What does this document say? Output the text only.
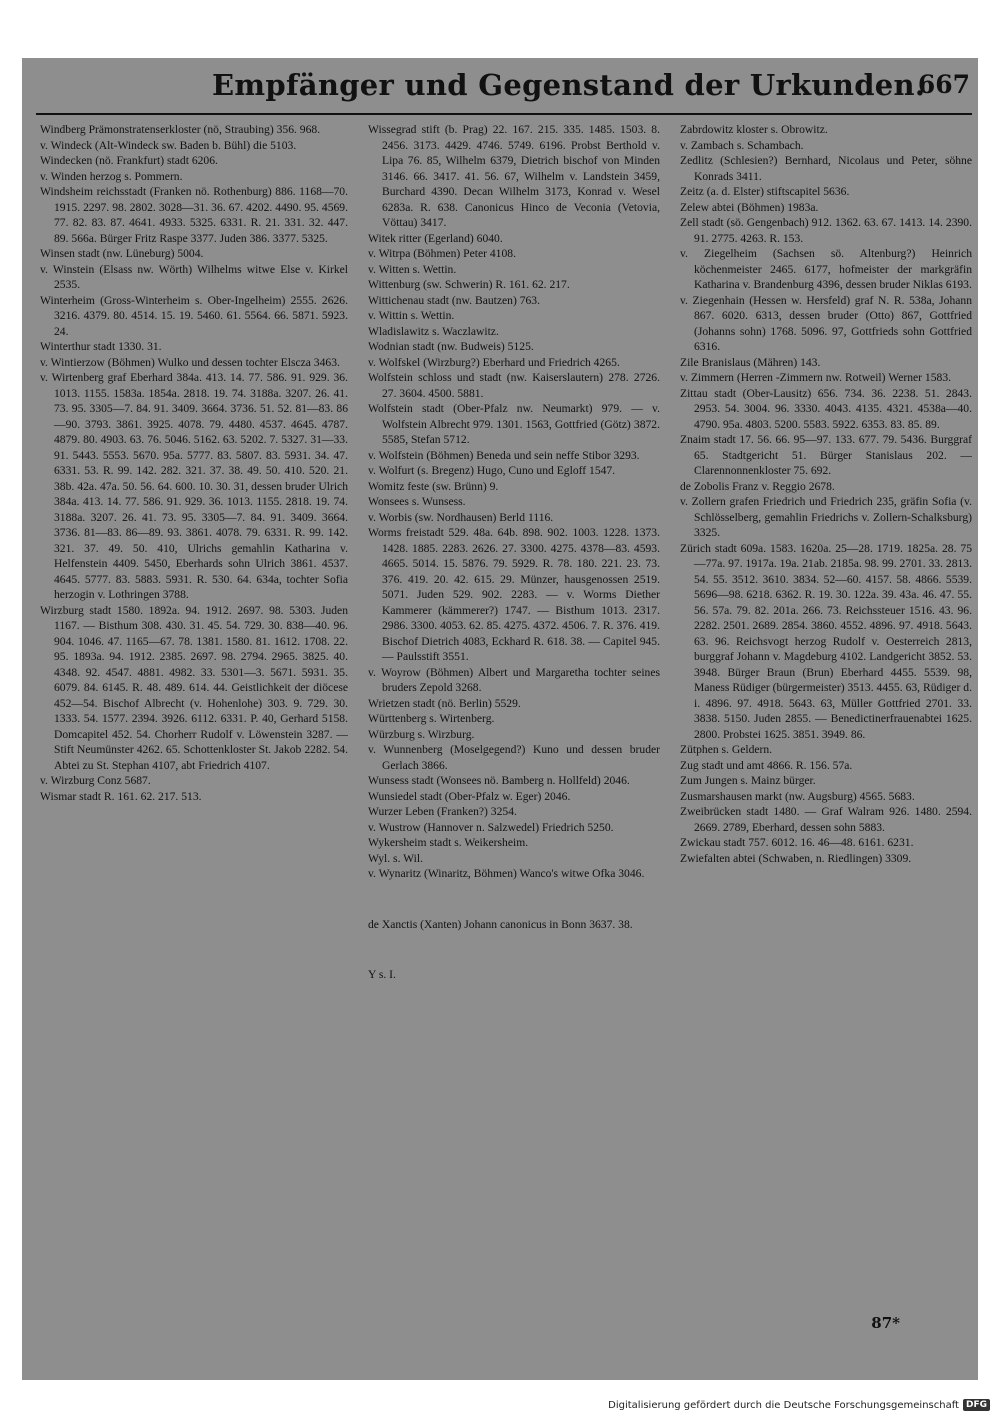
Empfänger und Gegenstand der Urkunden.
667

Windberg Prämonstratenserkloster (nö, Straubing) 356. 968.

v. Windeck (Alt-Windeck sw. Baden b. Bühl) die 5103.

Windecken (nö. Frankfurt) stadt 6206.

v. Winden herzog s. Pommern.

Windsheim reichsstadt (Franken nö. Rothenburg) 886. 1168—70. 1915. 2297. 98. 2802. 3028—31. 36. 67. 4202. 4490. 95. 4569. 77. 82. 83. 87. 4641. 4933. 5325. 6331. R. 21. 331. 32. 447. 89. 566a. Bürger Fritz Raspe 3377. Juden 386. 3377. 5325.

Winsen stadt (nw. Lüneburg) 5004.

v. Winstein (Elsass nw. Wörth) Wilhelms witwe Else v. Kirkel 2535.

Winterheim (Gross-Winterheim s. Ober-Ingelheim) 2555. 2626. 3216. 4379. 80. 4514. 15. 19. 5460. 61. 5564. 66. 5871. 5923. 24.

Winterthur stadt 1330. 31.

v. Wintierzow (Böhmen) Wulko und dessen tochter Elscza 3463.

v. Wirtenberg graf Eberhard 384a. 413. 14. 77. 586. 91. 929. 36. 1013. 1155. 1583a. 1854a. 2818. 19. 74. 3188a. 3207. 26. 41. 73. 95. 3305—7. 84. 91. 3409. 3664. 3736. 51. 52. 81—83. 86—90. 3793. 3861. 3925. 4078. 79. 4480. 4537. 4645. 4787. 4879. 80. 4903. 63. 76. 5046. 5162. 63. 5202. 7. 5327. 31—33. 91. 5443. 5553. 5670. 95a. 5777. 83. 5807. 83. 5931. 34. 47. 6331. 53. R. 99. 142. 282. 321. 37. 38. 49. 50. 410. 520. 21. 38b. 42a. 47a. 50. 56. 64. 600. 10. 30. 31, dessen bruder Ulrich 384a. 413. 14. 77. 586. 91. 929. 36. 1013. 1155. 2818. 19. 74. 3188a. 3207. 26. 41. 73. 95. 3305—7. 84. 91. 3409. 3664. 3736. 81—83. 86—89. 93. 3861. 4078. 79. 6331. R. 99. 142. 321. 37. 49. 50. 410, Ulrichs gemahlin Katharina v. Helfenstein 4409. 5450, Eberhards sohn Ulrich 3861. 4537. 4645. 5777. 83. 5883. 5931. R. 530. 64. 634a, tochter Sofia herzogin v. Lothringen 3788.

Wirzburg stadt 1580. 1892a. 94. 1912. 2697. 98. 5303. Juden 1167. — Bisthum 308. 430. 31. 45. 54. 729. 30. 838—40. 96. 904. 1046. 47. 1165—67. 78. 1381. 1580. 81. 1612. 1708. 22. 95. 1893a. 94. 1912. 2385. 2697. 98. 2794. 2965. 3825. 40. 4348. 92. 4547. 4881. 4982. 33. 5301—3. 5671. 5931. 35. 6079. 84. 6145. R. 48. 489. 614. 44. Geistlichkeit der diöcese 452—54. Bischof Albrecht (v. Hohenlohe) 303. 9. 729. 30. 1333. 54. 1577. 2394. 3926. 6112. 6331. P. 40, Gerhard 5158. Domcapitel 452. 54. Chorherr Rudolf v. Löwenstein 3287. — Stift Neumünster 4262. 65. Schottenkloster St. Jakob 2282. 54. Abtei zu St. Stephan 4107, abt Friedrich 4107.

v. Wirzburg Conz 5687.

Wismar stadt R. 161. 62. 217. 513.

Wissegrad stift (b. Prag) 22. 167. 215. 335. 1485. 1503. 8. 2456. 3173. 4429. 4746. 5749. 6196. Probst Berthold v. Lipa 76. 85, Wilhelm 6379, Dietrich bischof von Minden 3146. 66. 3417. 41. 56. 67, Wilhelm v. Landstein 3459, Burchard 4390. Decan Wilhelm 3173, Konrad v. Wesel 6283a. R. 638. Canonicus Hinco de Veconia (Vetovia, Vöttau) 3417.

Witek ritter (Egerland) 6040.

v. Witrpa (Böhmen) Peter 4108.

v. Witten s. Wettin.

Wittenburg (sw. Schwerin) R. 161. 62. 217.

Wittichenau stadt (nw. Bautzen) 763.

v. Wittin s. Wettin.

Wladislawitz s. Waczlawitz.

Wodnian stadt (nw. Budweis) 5125.

v. Wolfskel (Wirzburg?) Eberhard und Friedrich 4265.

Wolfstein schloss und stadt (nw. Kaiserslautern) 278. 2726. 27. 3604. 4500. 5881.

Wolfstein stadt (Ober-Pfalz nw. Neumarkt) 979. — v. Wolfstein Albrecht 979. 1301. 1563, Gottfried (Götz) 3872. 5585, Stefan 5712.

v. Wolfstein (Böhmen) Beneda und sein neffe Stibor 3293.

v. Wolfurt (s. Bregenz) Hugo, Cuno und Egloff 1547.

Womitz feste (sw. Brünn) 9.

Wonsees s. Wunsess.

v. Worbis (sw. Nordhausen) Berld 1116.

Worms freistadt 529. 48a. 64b. 898. 902. 1003. 1228. 1373. 1428. 1885. 2283. 2626. 27. 3300. 4275. 4378—83. 4593. 4665. 5014. 15. 5876. 79. 5929. R. 78. 180. 221. 23. 73. 376. 419. 20. 42. 615. 29. Münzer, hausgenossen 2519. 5071. Juden 529. 902. 2283. — v. Worms Diether Kammerer (kämmerer?) 1747. — Bisthum 1013. 2317. 2986. 3300. 4053. 62. 85. 4275. 4372. 4506. 7. R. 376. 419. Bischof Dietrich 4083, Eckhard R. 618. 38. — Capitel 945. — Paulsstift 3551.

v. Woyrow (Böhmen) Albert und Margaretha tochter seines bruders Zepold 3268.

Wrietzen stadt (nö. Berlin) 5529.

Württenberg s. Wirtenberg.

Würzburg s. Wirzburg.

v. Wunnenberg (Moselgegend?) Kuno und dessen bruder Gerlach 3866.

Wunsess stadt (Wonsees nö. Bamberg n. Hollfeld) 2046.

Wunsiedel stadt (Ober-Pfalz w. Eger) 2046.

Wurzer Leben (Franken?) 3254.

v. Wustrow (Hannover n. Salzwedel) Friedrich 5250.

Wykersheim stadt s. Weikersheim.

Wyl. s. Wil.

v. Wynaritz (Winaritz, Böhmen) Wanco's witwe Ofka 3046.

de Xanctis (Xanten) Johann canonicus in Bonn 3637. 38.

Y s. I.

Zabrdowitz kloster s. Obrowitz.

v. Zambach s. Schambach.

Zedlitz (Schlesien?) Bernhard, Nicolaus und Peter, söhne Konrads 3411.

Zeitz (a. d. Elster) stiftscapitel 5636.

Zelew abtei (Böhmen) 1983a.

Zell stadt (sö. Gengenbach) 912. 1362. 63. 67. 1413. 14. 2390. 91. 2775. 4263. R. 153.

v. Ziegelheim (Sachsen sö. Altenburg?) Heinrich köchenmeister 2465. 6177, hofmeister der markgräfin Katharina v. Brandenburg 4396, dessen bruder Niklas 6193.

v. Ziegenhain (Hessen w. Hersfeld) graf N. R. 538a, Johann 867. 6020. 6313, dessen bruder (Otto) 867, Gottfried (Johanns sohn) 1768. 5096. 97, Gottfrieds sohn Gottfried 6316.

Zile Branislaus (Mähren) 143.

v. Zimmern (Herren -Zimmern nw. Rotweil) Werner 1583.

Zittau stadt (Ober-Lausitz) 656. 734. 36. 2238. 51. 2843. 2953. 54. 3004. 96. 3330. 4043. 4135. 4321. 4538a—40. 4790. 95a. 4803. 5200. 5583. 5922. 6353. 83. 85. 89.

Znaim stadt 17. 56. 66. 95—97. 133. 677. 79. 5436. Burggraf 65. Stadtgericht 51. Bürger Stanislaus 202. — Clarennonnenkloster 75. 692.

de Zobolis Franz v. Reggio 2678.

v. Zollern grafen Friedrich und Friedrich 235, gräfin Sofia (v. Schlösselberg, gemahlin Friedrichs v. Zollern-Schalksburg) 3325.

Zürich stadt 609a. 1583. 1620a. 25—28. 1719. 1825a. 28. 75—77a. 97. 1917a. 19a. 21ab. 2185a. 98. 99. 2701. 33. 2813. 54. 55. 3512. 3610. 3834. 52—60. 4157. 58. 4866. 5539. 5696—98. 6218. 6362. R. 19. 30. 122a. 39. 43a. 46. 47. 55. 56. 57a. 79. 82. 201a. 266. 73. Reichssteuer 1516. 43. 96. 2282. 2501. 2689. 2854. 3860. 4552. 4896. 97. 4918. 5643. 63. 96. Reichsvogt herzog Rudolf v. Oesterreich 2813, burggraf Johann v. Magdeburg 4102. Landgericht 3852. 53. 3948. Bürger Braun (Brun) Eberhard 4455. 5539. 98, Maness Rüdiger (bürgermeister) 3513. 4455. 63, Rüdiger d. i. 4896. 97. 4918. 5643. 63, Müller Gottfried 2701. 33. 3838. 5150. Juden 2855. — Benedictinerfrauenabtei 1625. 2800. Probstei 1625. 3851. 3949. 86.

Zütphen s. Geldern.

Zug stadt und amt 4866. R. 156. 57a.

Zum Jungen s. Mainz bürger.

Zusmarshausen markt (nw. Augsburg) 4565. 5683.

Zweibrücken stadt 1480. — Graf Walram 926. 1480. 2594. 2669. 2789, Eberhard, dessen sohn 5883.

Zwickau stadt 757. 6012. 16. 46—48. 6161. 6231.

Zwiefalten abtei (Schwaben, n. Riedlingen) 3309.

87*
Digitalisierung gefördert durch die Deutsche Forschungsgemeinschaft DFG
